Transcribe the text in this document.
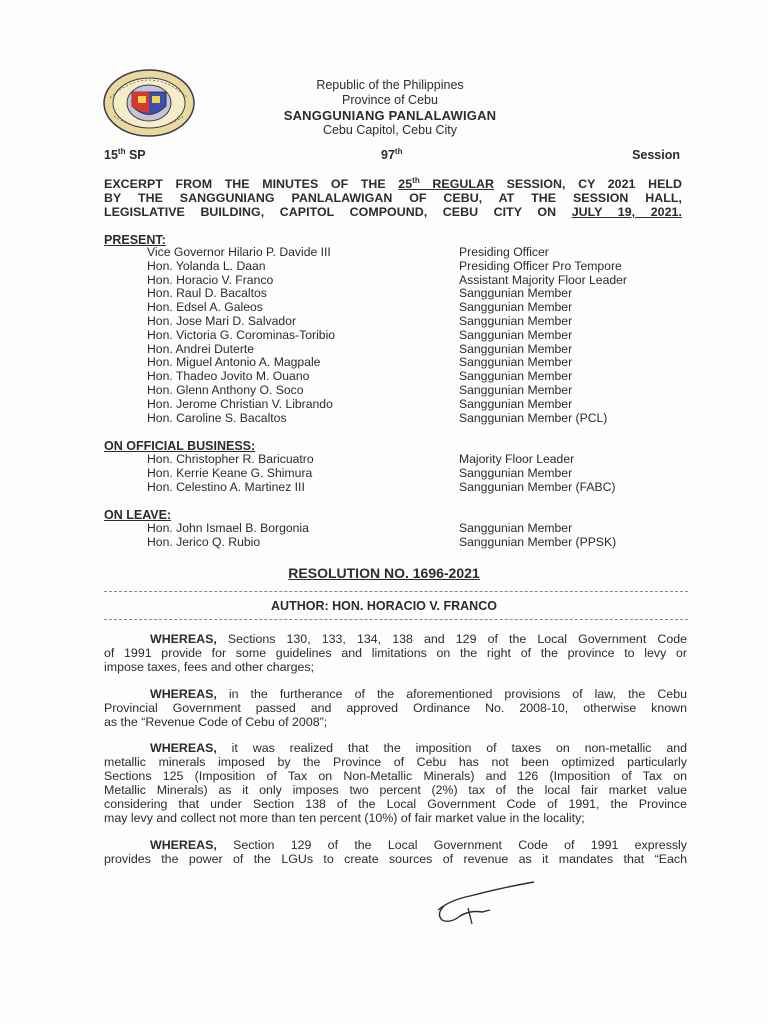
Republic of the Philippines
Province of Cebu
SANGGUNIANG PANLALAWIGAN
Cebu Capitol, Cebu City
15th SP	97th	Session
EXCERPT FROM THE MINUTES OF THE 25th REGULAR SESSION, CY 2021 HELD
BY THE SANGGUNIANG PANLALAWIGAN OF CEBU, AT THE SESSION HALL,
LEGISLATIVE BUILDING, CAPITOL COMPOUND, CEBU CITY ON JULY 19, 2021.
PRESENT:
Vice Governor Hilario P. Davide III	Presiding Officer
Hon. Yolanda L. Daan	Presiding Officer Pro Tempore
Hon. Horacio V. Franco	Assistant Majority Floor Leader
Hon. Raul D. Bacaltos	Sanggunian Member
Hon. Edsel A. Galeos	Sanggunian Member
Hon. Jose Mari D. Salvador	Sanggunian Member
Hon. Victoria G. Corominas-Toribio	Sanggunian Member
Hon. Andrei Duterte	Sanggunian Member
Hon. Miguel Antonio A. Magpale	Sanggunian Member
Hon. Thadeo Jovito M. Ouano	Sanggunian Member
Hon. Glenn Anthony O. Soco	Sanggunian Member
Hon. Jerome Christian V. Librando	Sanggunian Member
Hon. Caroline S. Bacaltos	Sanggunian Member (PCL)
ON OFFICIAL BUSINESS:
Hon. Christopher R. Baricuatro	Majority Floor Leader
Hon. Kerrie Keane G. Shimura	Sanggunian Member
Hon. Celestino A. Martinez III	Sanggunian Member (FABC)
ON LEAVE:
Hon. John Ismael B. Borgonia	Sanggunian Member
Hon. Jerico Q. Rubio	Sanggunian Member (PPSK)
RESOLUTION NO. 1696-2021
AUTHOR: HON. HORACIO V. FRANCO
WHEREAS, Sections 130, 133, 134, 138 and 129 of the Local Government Code
of 1991 provide for some guidelines and limitations on the right of the province to levy or
impose taxes, fees and other charges;
WHEREAS, in the furtherance of the aforementioned provisions of law, the Cebu
Provincial Government passed and approved Ordinance No. 2008-10, otherwise known
as the “Revenue Code of Cebu of 2008”;
WHEREAS, it was realized that the imposition of taxes on non-metallic and
metallic minerals imposed by the Province of Cebu has not been optimized particularly
Sections 125 (Imposition of Tax on Non-Metallic Minerals) and 126 (Imposition of Tax on
Metallic Minerals) as it only imposes two percent (2%) tax of the local fair market value
considering that under Section 138 of the Local Government Code of 1991, the Province
may levy and collect not more than ten percent (10%) of fair market value in the locality;
WHEREAS, Section 129 of the Local Government Code of 1991 expressly
provides the power of the LGUs to create sources of revenue as it mandates that “Each
